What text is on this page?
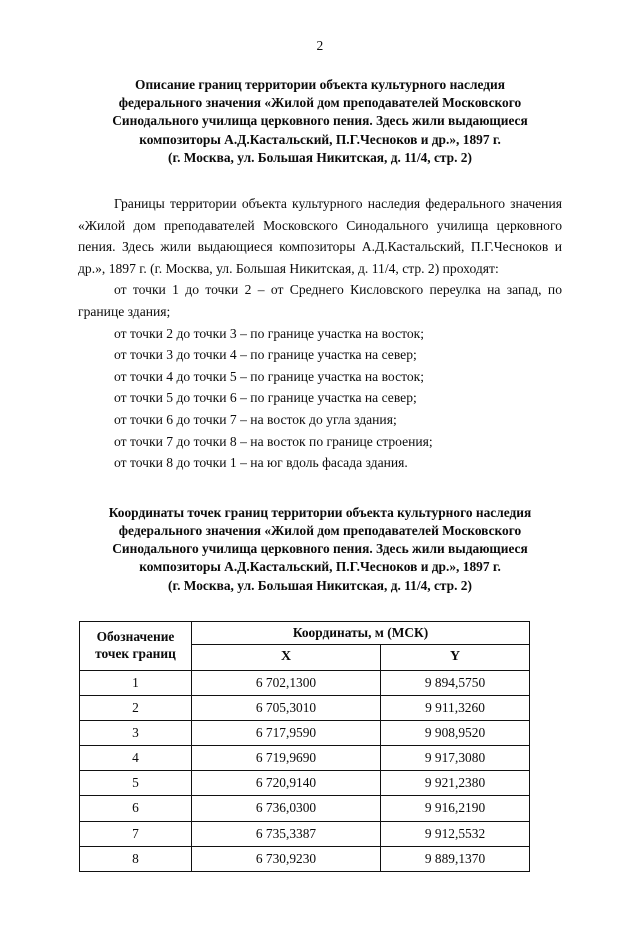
2
Описание границ территории объекта культурного наследия
федерального значения «Жилой дом преподавателей Московского
Синодального училища церковного пения. Здесь жили выдающиеся
композиторы А.Д.Кастальский, П.Г.Чесноков и др.», 1897 г.
(г. Москва, ул. Большая Никитская, д. 11/4, стр. 2)

Границы территории объекта культурного наследия федерального значения «Жилой дом преподавателей Московского Синодального училища церковного пения. Здесь жили выдающиеся композиторы А.Д.Кастальский, П.Г.Чесноков и др.», 1897 г. (г. Москва, ул. Большая Никитская, д. 11/4, стр. 2) проходят:

от точки 1 до точки 2 – от Среднего Кисловского переулка на запад, по границе здания;

от точки 2 до точки 3 – по границе участка на восток;

от точки 3 до точки 4 – по границе участка на север;

от точки 4 до точки 5 – по границе участка на восток;

от точки 5 до точки 6 – по границе участка на север;

от точки 6 до точки 7 – на восток до угла здания;

от точки 7 до точки 8 – на восток по границе строения;

от точки 8 до точки 1 – на юг вдоль фасада здания.

Координаты точек границ территории объекта культурного наследия
федерального значения «Жилой дом преподавателей Московского
Синодального училища церковного пения. Здесь жили выдающиеся
композиторы А.Д.Кастальский, П.Г.Чесноков и др.», 1897 г.
(г. Москва, ул. Большая Никитская, д. 11/4, стр. 2)
Обозначение
точек границ	Координаты, м (МСК)	
	X	Y
1	6 702,1300	9 894,5750
2	6 705,3010	9 911,3260
3	6 717,9590	9 908,9520
4	6 719,9690	9 917,3080
5	6 720,9140	9 921,2380
6	6 736,0300	9 916,2190
7	6 735,3387	9 912,5532
8	6 730,9230	9 889,1370
